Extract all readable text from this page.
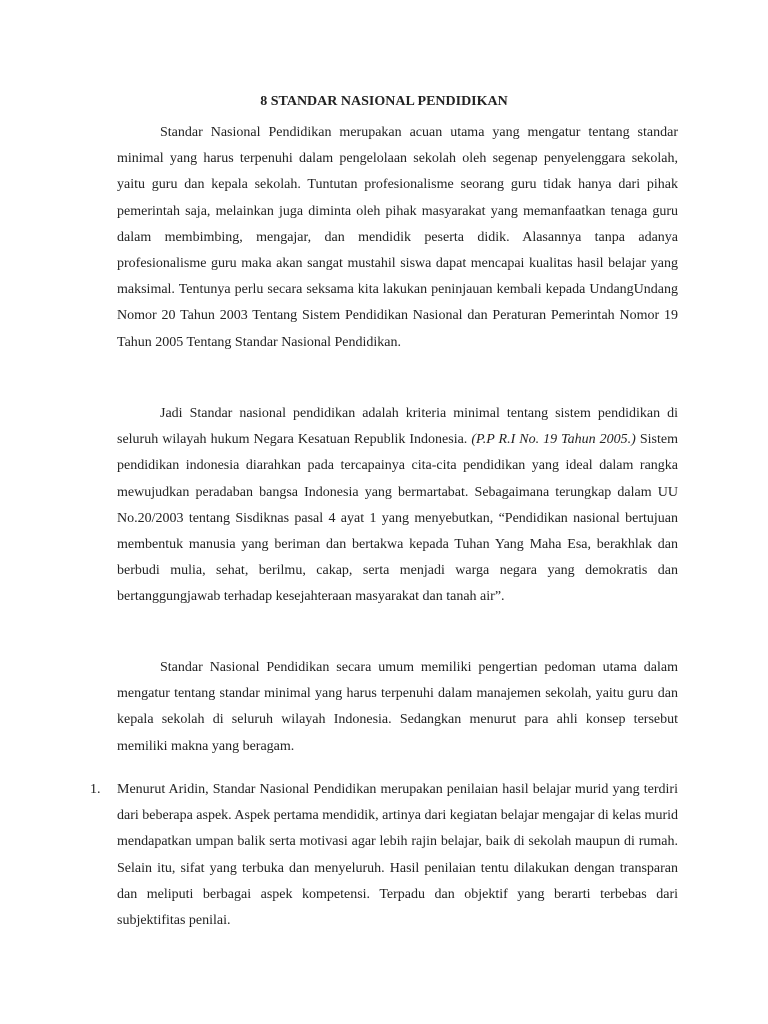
8 STANDAR NASIONAL PENDIDIKAN

Standar Nasional Pendidikan merupakan acuan utama yang mengatur tentang standar minimal yang harus terpenuhi dalam pengelolaan sekolah oleh segenap penyelenggara sekolah, yaitu guru dan kepala sekolah. Tuntutan profesionalisme seorang guru tidak hanya dari pihak pemerintah saja, melainkan juga diminta oleh pihak masyarakat yang memanfaatkan tenaga guru dalam membimbing, mengajar, dan mendidik peserta didik. Alasannya tanpa adanya profesionalisme guru maka akan sangat mustahil siswa dapat mencapai kualitas hasil belajar yang maksimal. Tentunya perlu secara seksama kita lakukan peninjauan kembali kepada UndangUndang Nomor 20 Tahun 2003 Tentang Sistem Pendidikan Nasional dan Peraturan Pemerintah Nomor 19 Tahun 2005 Tentang Standar Nasional Pendidikan.

Jadi Standar nasional pendidikan adalah kriteria minimal tentang sistem pendidikan di seluruh wilayah hukum Negara Kesatuan Republik Indonesia. (P.P R.I No. 19 Tahun 2005.) Sistem pendidikan indonesia diarahkan pada tercapainya cita-cita pendidikan yang ideal dalam rangka mewujudkan peradaban bangsa Indonesia yang bermartabat. Sebagaimana terungkap dalam UU No.20/2003 tentang Sisdiknas pasal 4 ayat 1 yang menyebutkan, “Pendidikan nasional bertujuan membentuk manusia yang beriman dan bertakwa kepada Tuhan Yang Maha Esa, berakhlak dan berbudi mulia, sehat, berilmu, cakap, serta menjadi warga negara yang demokratis dan bertanggungjawab terhadap kesejahteraan masyarakat dan tanah air”.

Standar Nasional Pendidikan secara umum memiliki pengertian pedoman utama dalam mengatur tentang standar minimal yang harus terpenuhi dalam manajemen sekolah, yaitu guru dan kepala sekolah di seluruh wilayah Indonesia. Sedangkan menurut para ahli konsep tersebut memiliki makna yang beragam.

1. Menurut Aridin, Standar Nasional Pendidikan merupakan penilaian hasil belajar murid yang terdiri dari beberapa aspek. Aspek pertama mendidik, artinya dari kegiatan belajar mengajar di kelas murid mendapatkan umpan balik serta motivasi agar lebih rajin belajar, baik di sekolah maupun di rumah. Selain itu, sifat yang terbuka dan menyeluruh. Hasil penilaian tentu dilakukan dengan transparan dan meliputi berbagai aspek kompetensi. Terpadu dan objektif yang berarti terbebas dari subjektifitas penilai.
